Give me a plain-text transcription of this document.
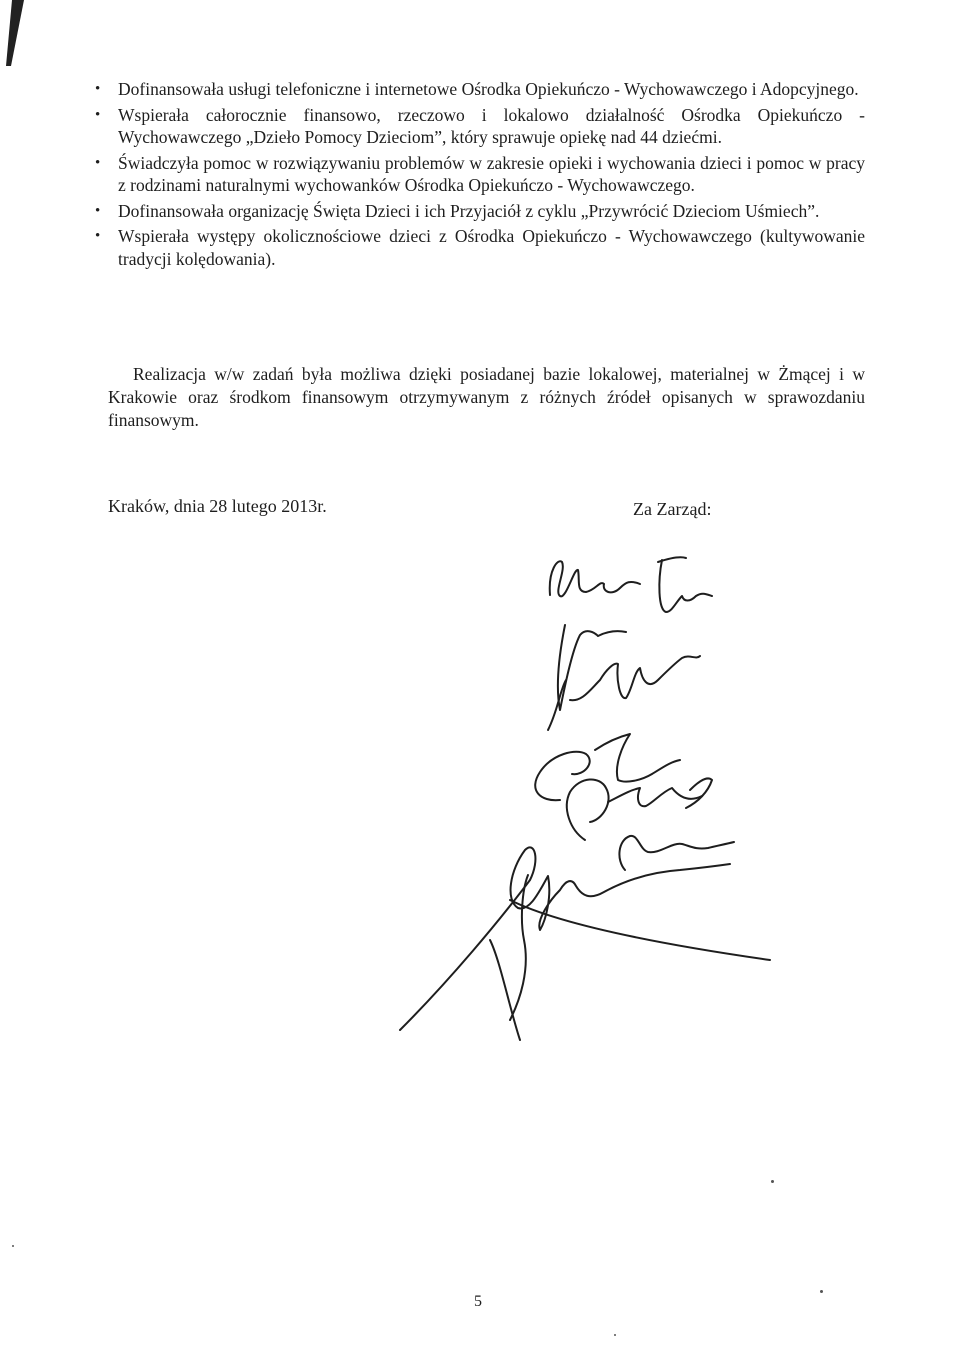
• Dofinansowała usługi telefoniczne i internetowe Ośrodka Opiekuńczo - Wychowawczego i Adopcyjnego.
• Wspierała całorocznie finansowo, rzeczowo i lokalowo działalność Ośrodka Opiekuńczo - Wychowawczego „Dzieło Pomocy Dzieciom”, który sprawuje opiekę nad 44 dziećmi.
• Świadczyła pomoc w rozwiązywaniu problemów w zakresie opieki i wychowania dzieci i pomoc w pracy z rodzinami naturalnymi wychowanków Ośrodka Opiekuńczo - Wychowawczego.
• Dofinansowała organizację Święta Dzieci i ich Przyjaciół z cyklu „Przywrócić Dzieciom Uśmiech”.
• Wspierała występy okolicznościowe dzieci z Ośrodka Opiekuńczo - Wychowawczego (kultywowanie tradycji kolędowania).

Realizacja w/w zadań była możliwa dzięki posiadanej bazie lokalowej, materialnej w Żmącej i w Krakowie oraz środkom finansowym otrzymywanym z różnych źródeł opisanych w sprawozdaniu finansowym.

Kraków, dnia 28 lutego 2013r.	Za Zarząd:
5
